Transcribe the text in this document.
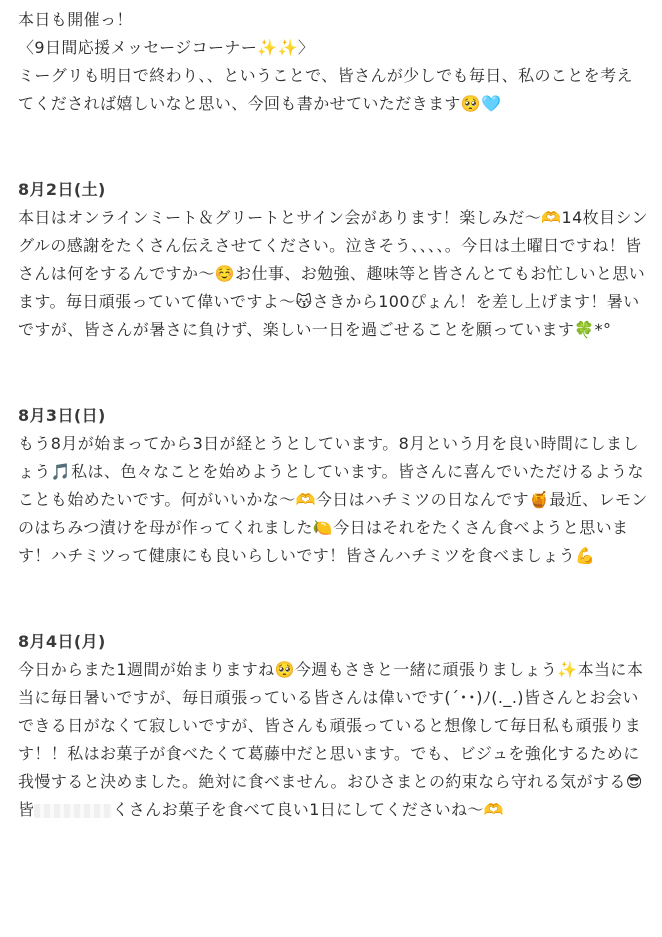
本日も開催っ！

〈9日間応援メッセージコーナー✨✨〉

ミーグリも明日で終わり、、ということで、皆さんが少しでも毎日、私のことを考えてくだされば嬉しいなと思い、今回も書かせていただきます🥺🩵

8月2日(土)

本日はオンラインミート＆グリートとサイン会があります！楽しみだ〜🫶14枚目シングルの感謝をたくさん伝えさせてください。泣きそう、、、、。今日は土曜日ですね！皆さんは何をするんですか〜☺️お仕事、お勉強、趣味等と皆さんとてもお忙しいと思います。毎日頑張っていて偉いですよ〜😽さきから100ぴょん！を差し上げます！暑いですが、皆さんが暑さに負けず、楽しい一日を過ごせることを願っています🍀*°

8月3日(日)

もう8月が始まってから3日が経とうとしています。8月という月を良い時間にしましょう🎵私は、色々なことを始めようとしています。皆さんに喜んでいただけるようなことも始めたいです。何がいいかな〜🫶今日はハチミツの日なんです🍯最近、レモンのはちみつ漬けを母が作ってくれました🍋今日はそれをたくさん食べようと思います！ハチミツって健康にも良いらしいです！皆さんハチミツを食べましょう💪

8月4日(月)

今日からまた1週間が始まりますね🥺今週もさきと一緒に頑張りましょう✨本当に本当に毎日暑いですが、毎日頑張っている皆さんは偉いです(´･･)ﾉ(._.)皆さんとお会いできる日がなくて寂しいですが、皆さんも頑張っていると想像して毎日私も頑張ります！！私はお菓子が食べたくて葛藤中だと思います。でも、ビジュを強化するために我慢すると決めました。絶対に食べません。おひさまとの約束なら守れる気がする😎皆	くさんお菓子を食べて良い1日にしてくださいね〜🫶
